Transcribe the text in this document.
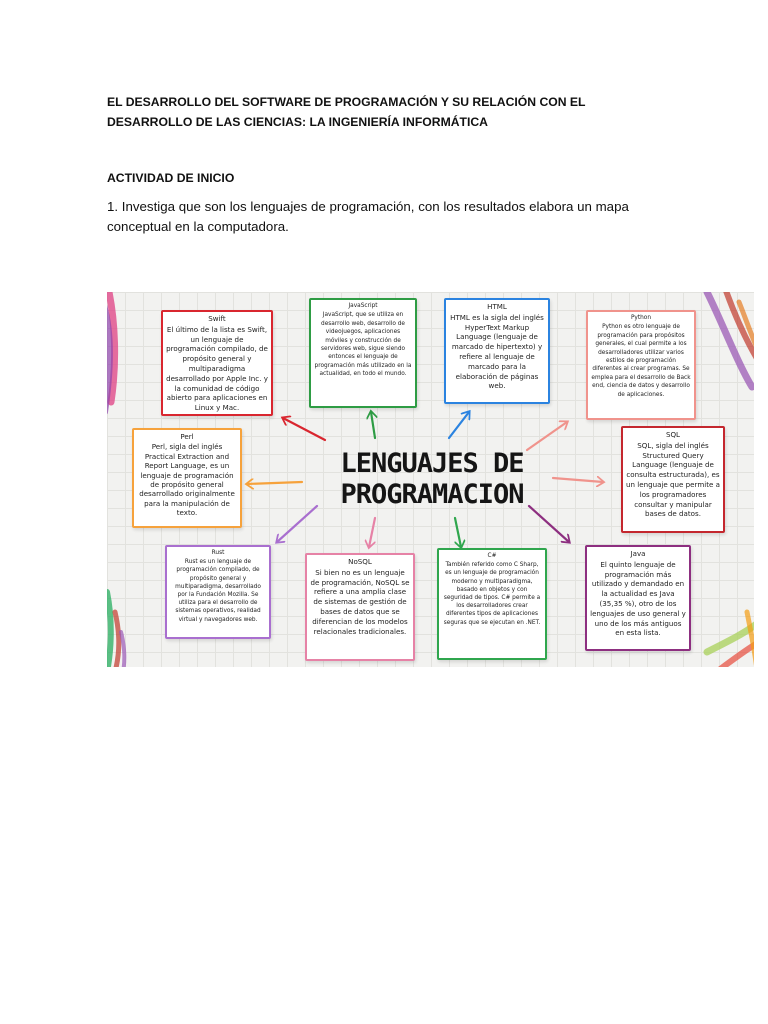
EL DESARROLLO DEL SOFTWARE DE PROGRAMACIÓN Y SU RELACIÓN CON EL DESARROLLO DE LAS CIENCIAS: LA INGENIERÍA INFORMÁTICA
ACTIVIDAD DE INICIO

1. Investiga que son los lenguajes de programación, con los resultados elabora un mapa conceptual en la computadora.

LENGUAJES DE PROGRAMACION
Swift
El último de la lista es Swift, un lenguaje de programación compilado, de propósito general y multiparadigma desarrollado por Apple Inc. y la comunidad de código abierto para aplicaciones en Linux y Mac.
JavaScript
JavaScript, que se utiliza en desarrollo web, desarrollo de videojuegos, aplicaciones móviles y construcción de servidores web, sigue siendo entonces el lenguaje de programación más utilizado en la actualidad, en todo el mundo.
HTML
HTML es la sigla del inglés HyperText Markup Language (lenguaje de marcado de hipertexto) y refiere al lenguaje de marcado para la elaboración de páginas web.
Python
Python es otro lenguaje de programación para propósitos generales, el cual permite a los desarrolladores utilizar varios estilos de programación diferentes al crear programas. Se emplea para el desarrollo de Back end, ciencia de datos y desarrollo de aplicaciones.
Perl
Perl, sigla del inglés Practical Extraction and Report Language, es un lenguaje de programación de propósito general desarrollado originalmente para la manipulación de texto.
SQL
SQL, sigla del inglés Structured Query Language (lenguaje de consulta estructurada), es un lenguaje que permite a los programadores consultar y manipular bases de datos.
Rust
Rust es un lenguaje de programación compilado, de propósito general y multiparadigma, desarrollado por la Fundación Mozilla. Se utiliza para el desarrollo de sistemas operativos, realidad virtual y navegadores web.
NoSQL
Si bien no es un lenguaje de programación, NoSQL se refiere a una amplia clase de sistemas de gestión de bases de datos que se diferencian de los modelos relacionales tradicionales.
C#
También referido como C Sharp, es un lenguaje de programación moderno y multiparadigma, basado en objetos y con seguridad de tipos. C# permite a los desarrolladores crear diferentes tipos de aplicaciones seguras que se ejecutan en .NET.
Java
El quinto lenguaje de programación más utilizado y demandado en la actualidad es Java (35,35 %), otro de los lenguajes de uso general y uno de los más antiguos en esta lista.
